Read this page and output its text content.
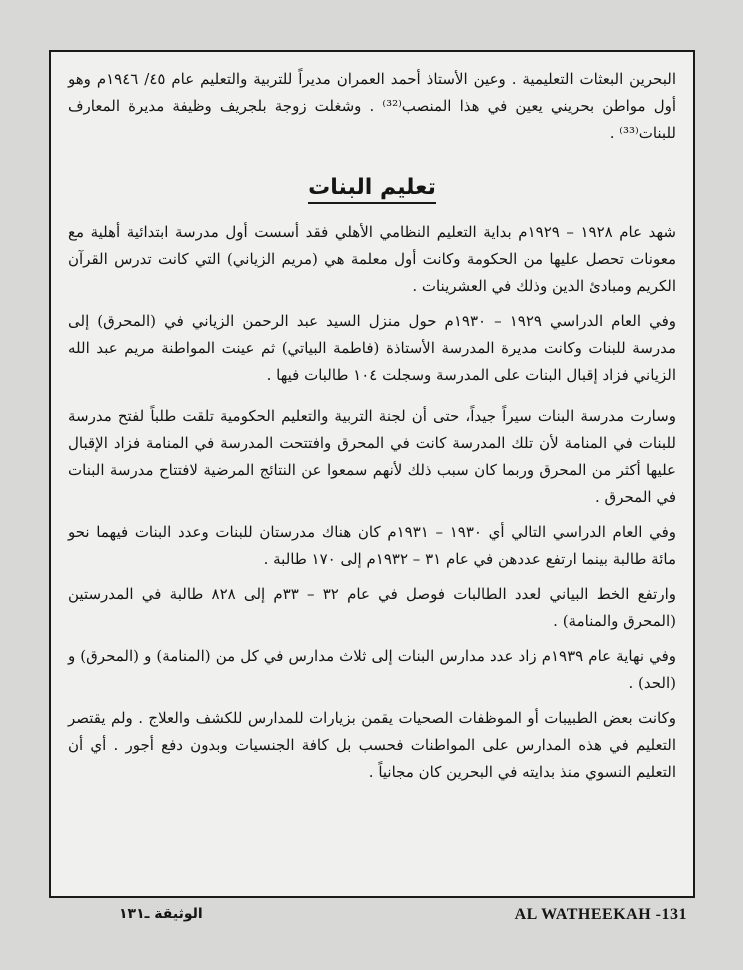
البحرين البعثات التعليمية . وعين الأستاذ أحمد العمران مديراً للتربية والتعليم عام ٤٥/ ١٩٤٦م وهو أول مواطن بحريني يعين في هذا المنصب⁽³²⁾ . وشغلت زوجة بلجريف وظيفة مديرة المعارف للبنات⁽³³⁾ .

تعليم البنات

شهد عام ١٩٢٨ – ١٩٢٩م بداية التعليم النظامي الأهلي فقد أسست أول مدرسة ابتدائية أهلية مع معونات تحصل عليها من الحكومة وكانت أول معلمة هي (مريم الزياني) التي كانت تدرس القرآن الكريم ومبادئ الدين وذلك في العشرينات .

وفي العام الدراسي ١٩٢٩ – ١٩٣٠م حول منزل السيد عبد الرحمن الزياني في (المحرق) إلى مدرسة للبنات وكانت مديرة المدرسة الأستاذة (فاطمة البياتي) ثم عينت المواطنة مريم عبد الله الزياني فزاد إقبال البنات على المدرسة وسجلت ١٠٤ طالبات فيها .

وسارت مدرسة البنات سيراً جيداً، حتى أن لجنة التربية والتعليم الحكومية تلقت طلباً لفتح مدرسة للبنات في المنامة لأن تلك المدرسة كانت في المحرق وافتتحت المدرسة في المنامة فزاد الإقبال عليها أكثر من المحرق وربما كان سبب ذلك لأنهم سمعوا عن النتائج المرضية لافتتاح مدرسة البنات في المحرق .

وفي العام الدراسي التالي أي ١٩٣٠ – ١٩٣١م كان هناك مدرستان للبنات وعدد البنات فيهما نحو مائة طالبة بينما ارتفع عددهن في عام ٣١ – ١٩٣٢م إلى ١٧٠ طالبة .

وارتفع الخط البياني لعدد الطالبات فوصل في عام ٣٢ – ٣٣م إلى ٨٢٨ طالبة في المدرستين (المحرق والمنامة) .

وفي نهاية عام ١٩٣٩م زاد عدد مدارس البنات إلى ثلاث مدارس في كل من (المنامة) و (المحرق) و (الحد) .

وكانت بعض الطبيبات أو الموظفات الصحيات يقمن بزيارات للمدارس للكشف والعلاج . ولم يقتصر التعليم في هذه المدارس على المواطنات فحسب بل كافة الجنسيات وبدون دفع أجور . أي أن التعليم النسوي منذ بدايته في البحرين كان مجانياً .

الوثيقة ـ١٣١	AL WATHEEKAH -131
